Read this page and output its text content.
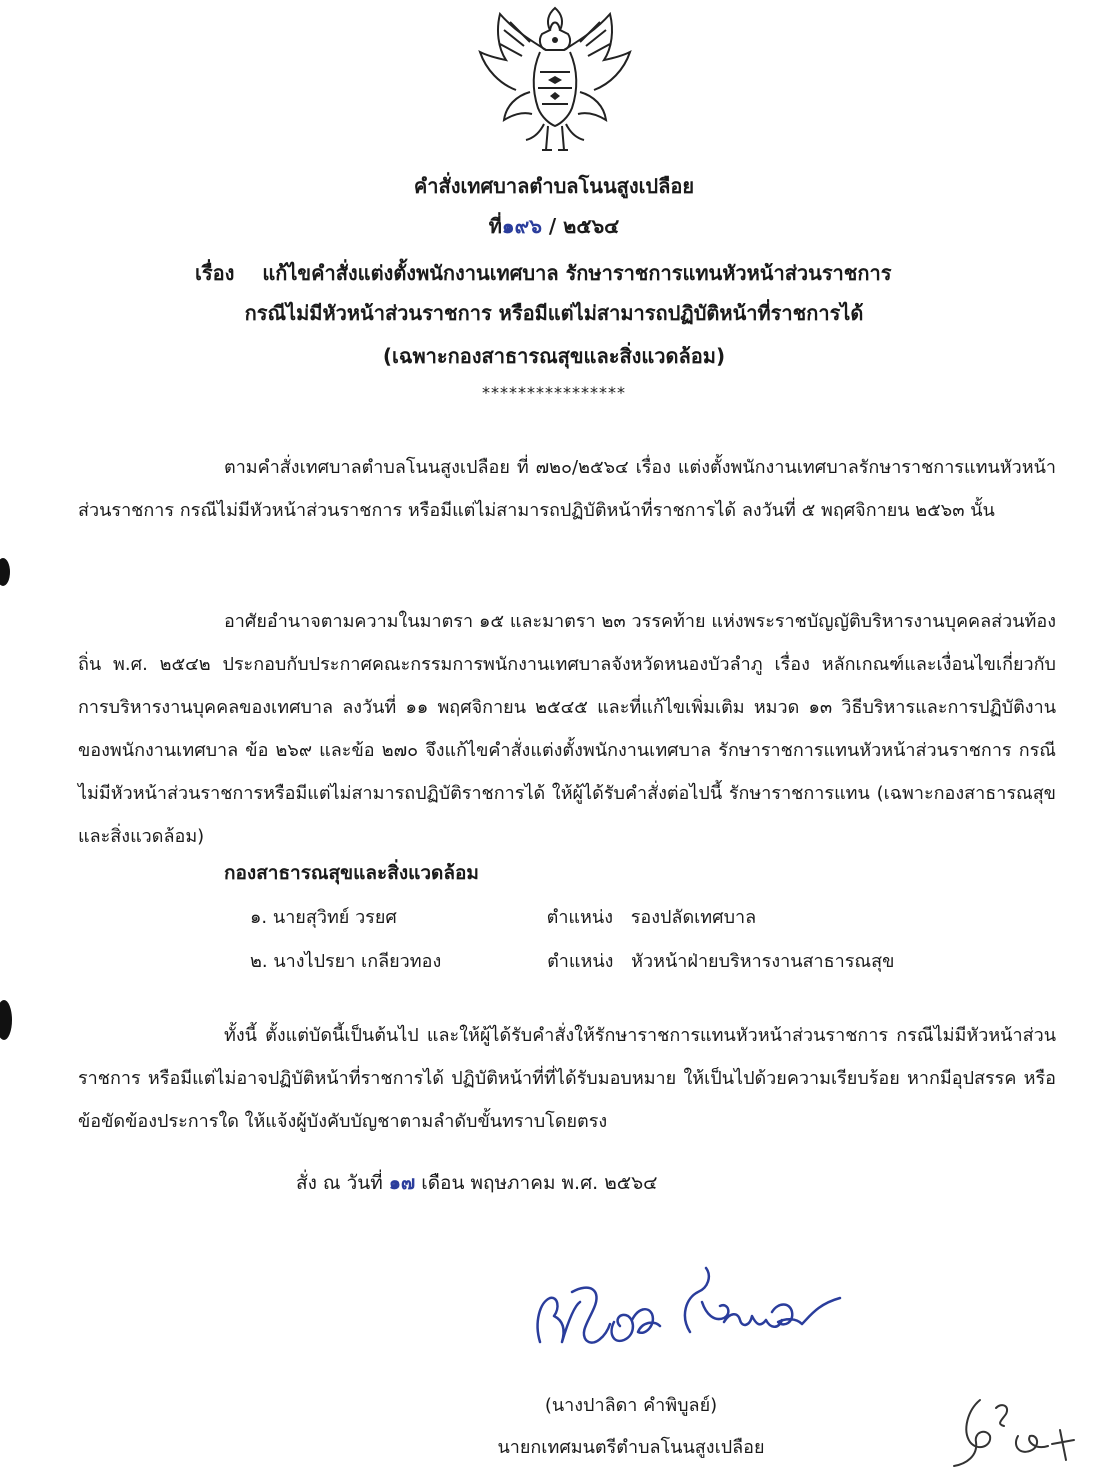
คำสั่งเทศบาลตำบลโนนสูงเปลือย
ที่๑๙๖ / ๒๕๖๔
เรื่อง แก้ไขคำสั่งแต่งตั้งพนักงานเทศบาล รักษาราชการแทนหัวหน้าส่วนราชการ
กรณีไม่มีหัวหน้าส่วนราชการ หรือมีแต่ไม่สามารถปฏิบัติหน้าที่ราชการได้
(เฉพาะกองสาธารณสุขและสิ่งแวดล้อม)
****************
ตามคำสั่งเทศบาลตำบลโนนสูงเปลือย ที่ ๗๒๐/๒๕๖๔ เรื่อง แต่งตั้งพนักงานเทศบาลรักษาราชการแทนหัวหน้าส่วนราชการ กรณีไม่มีหัวหน้าส่วนราชการ หรือมีแต่ไม่สามารถปฏิบัติหน้าที่ราชการได้ ลงวันที่ ๕ พฤศจิกายน ๒๕๖๓ นั้น
อาศัยอำนาจตามความในมาตรา ๑๕ และมาตรา ๒๓ วรรคท้าย แห่งพระราชบัญญัติบริหารงานบุคคลส่วนท้องถิ่น พ.ศ. ๒๕๔๒ ประกอบกับประกาศคณะกรรมการพนักงานเทศบาลจังหวัดหนองบัวลำภู เรื่อง หลักเกณฑ์และเงื่อนไขเกี่ยวกับการบริหารงานบุคคลของเทศบาล ลงวันที่ ๑๑ พฤศจิกายน ๒๕๔๕ และที่แก้ไขเพิ่มเติม หมวด ๑๓ วิธีบริหารและการปฏิบัติงานของพนักงานเทศบาล ข้อ ๒๖๙ และข้อ ๒๗๐ จึงแก้ไขคำสั่งแต่งตั้งพนักงานเทศบาล รักษาราชการแทนหัวหน้าส่วนราชการ กรณี ไม่มีหัวหน้าส่วนราชการหรือมีแต่ไม่สามารถปฏิบัติราชการได้ ให้ผู้ได้รับคำสั่งต่อไปนี้ รักษาราชการแทน (เฉพาะกองสาธารณสุขและสิ่งแวดล้อม)
กองสาธารณสุขและสิ่งแวดล้อม
๑. นายสุวิทย์ วรยศ	ตำแหน่ง รองปลัดเทศบาล
๒. นางไปรยา เกลียวทอง	ตำแหน่ง หัวหน้าฝ่ายบริหารงานสาธารณสุข
ทั้งนี้ ตั้งแต่บัดนี้เป็นต้นไป และให้ผู้ได้รับคำสั่งให้รักษาราชการแทนหัวหน้าส่วนราชการ กรณีไม่มีหัวหน้าส่วนราชการ หรือมีแต่ไม่อาจปฏิบัติหน้าที่ราชการได้ ปฏิบัติหน้าที่ที่ได้รับมอบหมาย ให้เป็นไปด้วยความเรียบร้อย หากมีอุปสรรค หรือข้อขัดข้องประการใด ให้แจ้งผู้บังคับบัญชาตามลำดับขั้นทราบโดยตรง
สั่ง ณ วันที่ ๑๗ เดือน พฤษภาคม พ.ศ. ๒๕๖๔
(นางปาลิดา คำพิบูลย์)
นายกเทศมนตรีตำบลโนนสูงเปลือย
